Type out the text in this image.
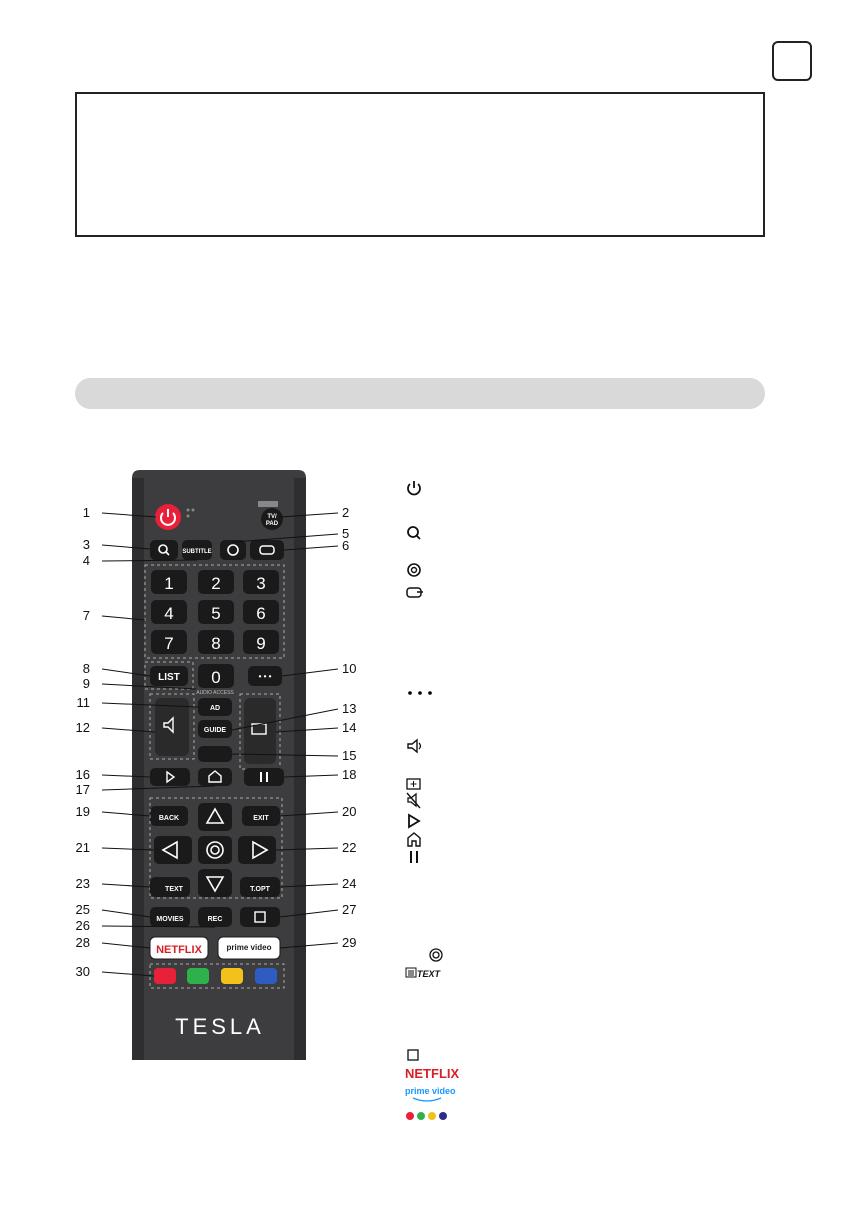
TV/
PAD
SUBTITLE
1 2 3
4 5 6
7 8 9
0
LIST	• • •
AUDIO ACCESS
AD
GUIDE
BACK	EXIT
TEXT	T.OPT
MOVIES	REC
NETFLIX	prime video
TESLA
1	2
3
4
5
6
7
8
9
10
11
12
13
14
15
16
17
18
19	20
21	22
23	24
25
26
27
28	29
30	TEXT
NETFLIX
prime video
